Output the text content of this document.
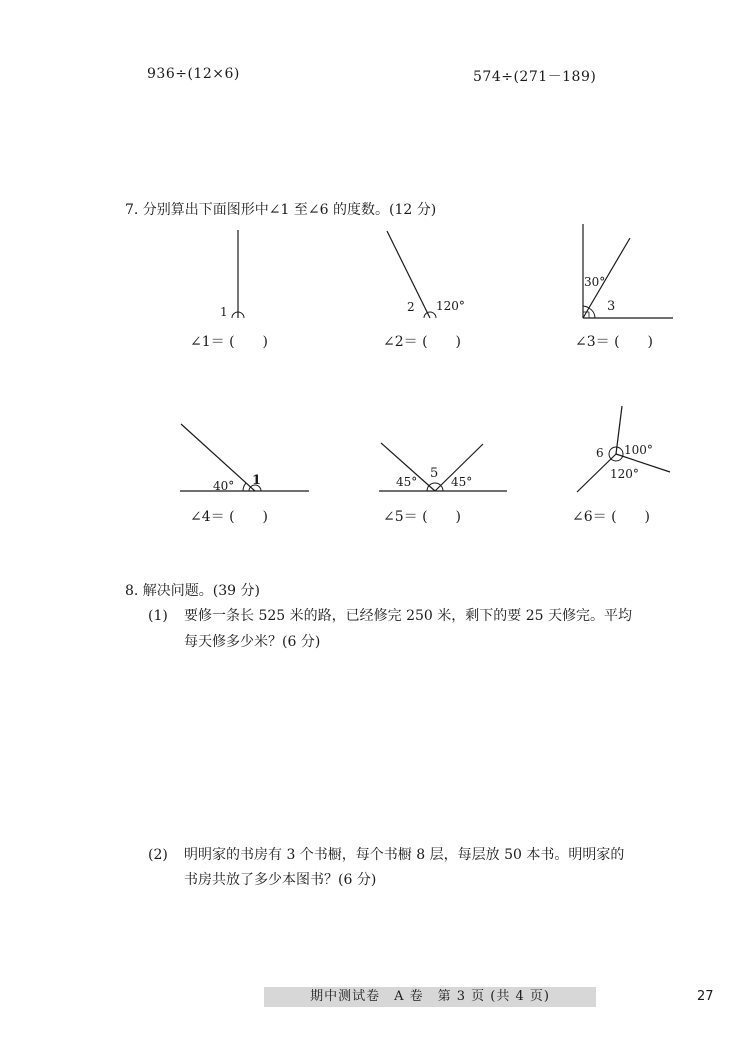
936÷(12×6)	574÷(271－189)
7. 分别算出下面图形中∠1 至∠6 的度数。(12 分)
1	2 120°
30°
3
∠1＝ (　　)	∠2＝ (　　)	∠3＝ (　　)
40° 1	45°
5
45°
6 100°
120°
∠4＝ (　　)	∠5＝ (　　)	∠6＝ (　　)
8. 解决问题。(39 分)
(1) 要修一条长 525 米的路，已经修完 250 米，剩下的要 25 天修完。平均
每天修多少米？(6 分)
(2) 明明家的书房有 3 个书橱，每个书橱 8 层，每层放 50 本书。明明家的
书房共放了多少本图书？(6 分)
期中测试卷　A 卷　第 3 页 (共 4 页)	27
